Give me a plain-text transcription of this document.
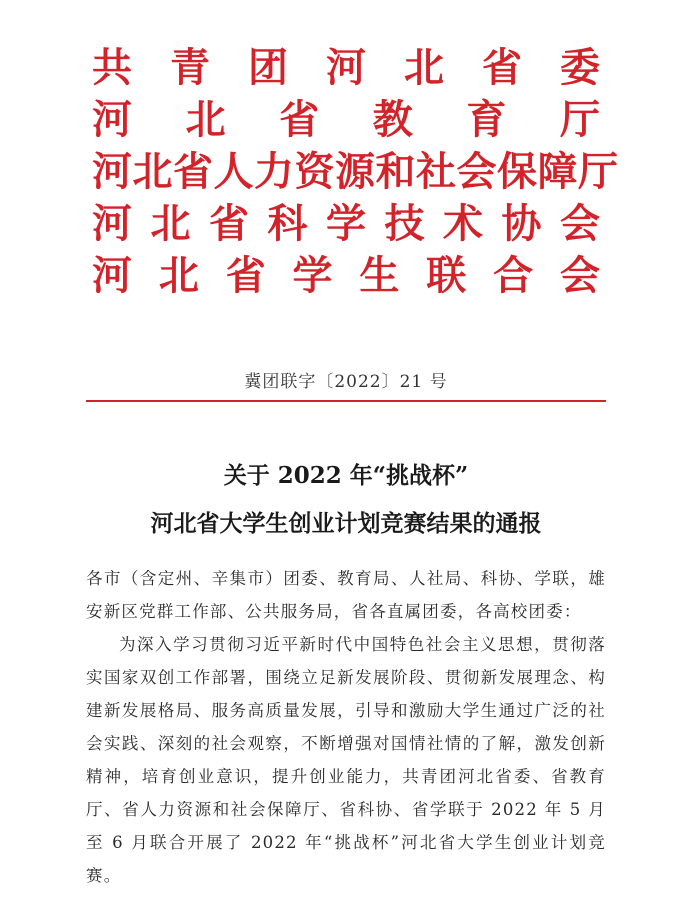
共 青 团 河 北 省 委
河 北 省 教 育 厅
河北省人力资源和社会保障厅
河 北 省 科 学 技 术 协 会
河 北 省 学 生 联 合 会
冀团联字〔2022〕21 号
关于 2022 年“挑战杯”
河北省大学生创业计划竞赛结果的通报

各市（含定州、辛集市）团委、教育局、人社局、科协、学联，雄安新区党群工作部、公共服务局，省各直属团委，各高校团委：

为深入学习贯彻习近平新时代中国特色社会主义思想，贯彻落实国家双创工作部署，围绕立足新发展阶段、贯彻新发展理念、构建新发展格局、服务高质量发展，引导和激励大学生通过广泛的社会实践、深刻的社会观察，不断增强对国情社情的了解，激发创新精神，培育创业意识，提升创业能力，共青团河北省委、省教育厅、省人力资源和社会保障厅、省科协、省学联于 2022 年 5 月至 6 月联合开展了 2022 年“挑战杯”河北省大学生创业计划竞赛。
